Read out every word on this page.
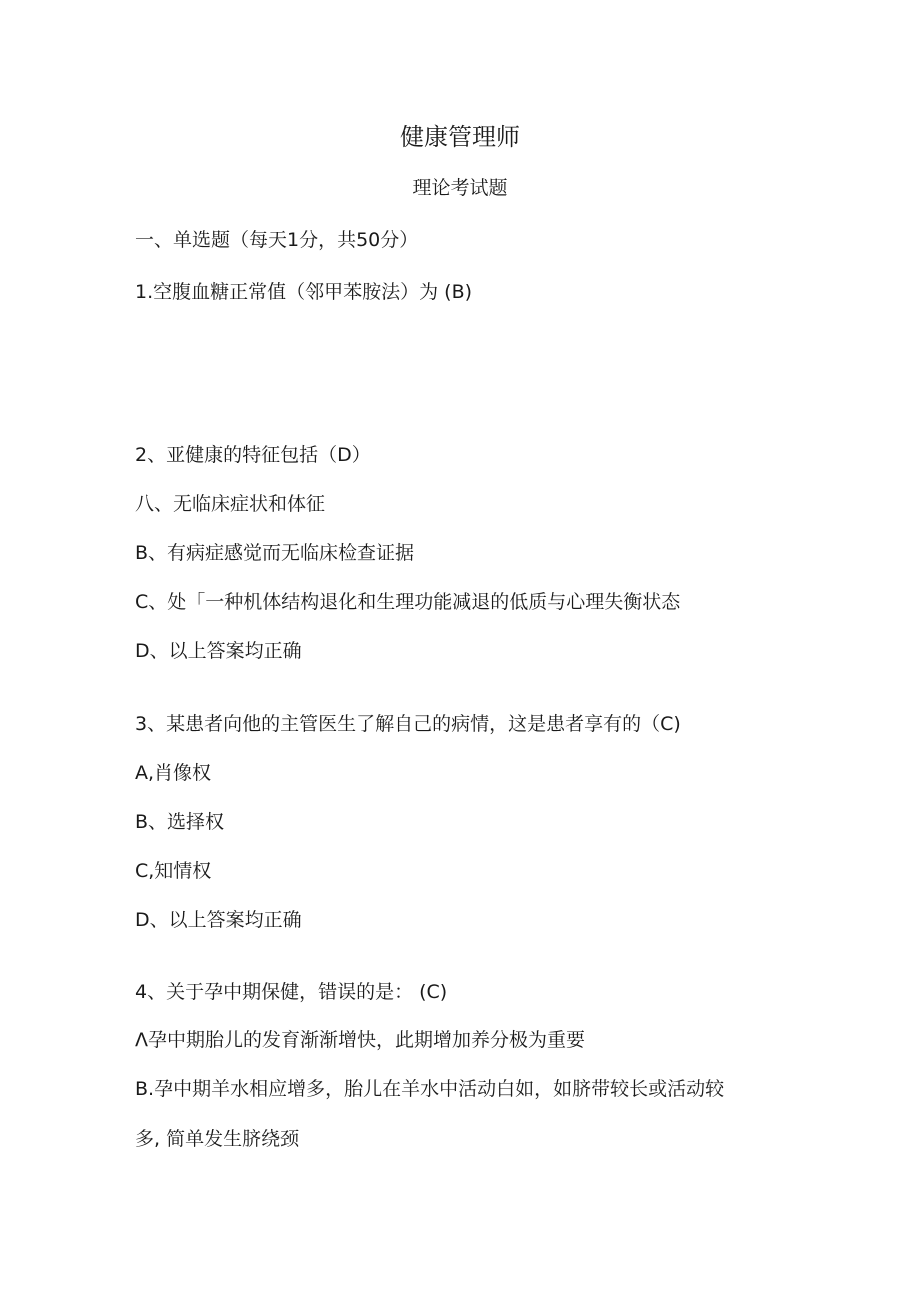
健康管理师
理论考试题
一、单选题（每天1分，共50分）
1.空腹血糖正常值（邻甲苯胺法）为 (B)
2、亚健康的特征包括（D）
八、无临床症状和体征
B、有病症感觉而无临床检查证据
C、处「一种机体结构退化和生理功能减退的低质与心理失衡状态
D、以上答案均正确
3、某患者向他的主管医生了解自己的病情，这是患者享有的（C)
A,肖像权
B、选择权
C,知情权
D、以上答案均正确
4、关于孕中期保健，错误的是： (C)
Λ孕中期胎儿的发育渐渐增快，此期增加养分极为重要
B.孕中期羊水相应增多，胎儿在羊水中活动白如，如脐带较长或活动较
多, 简单发生脐绕颈
